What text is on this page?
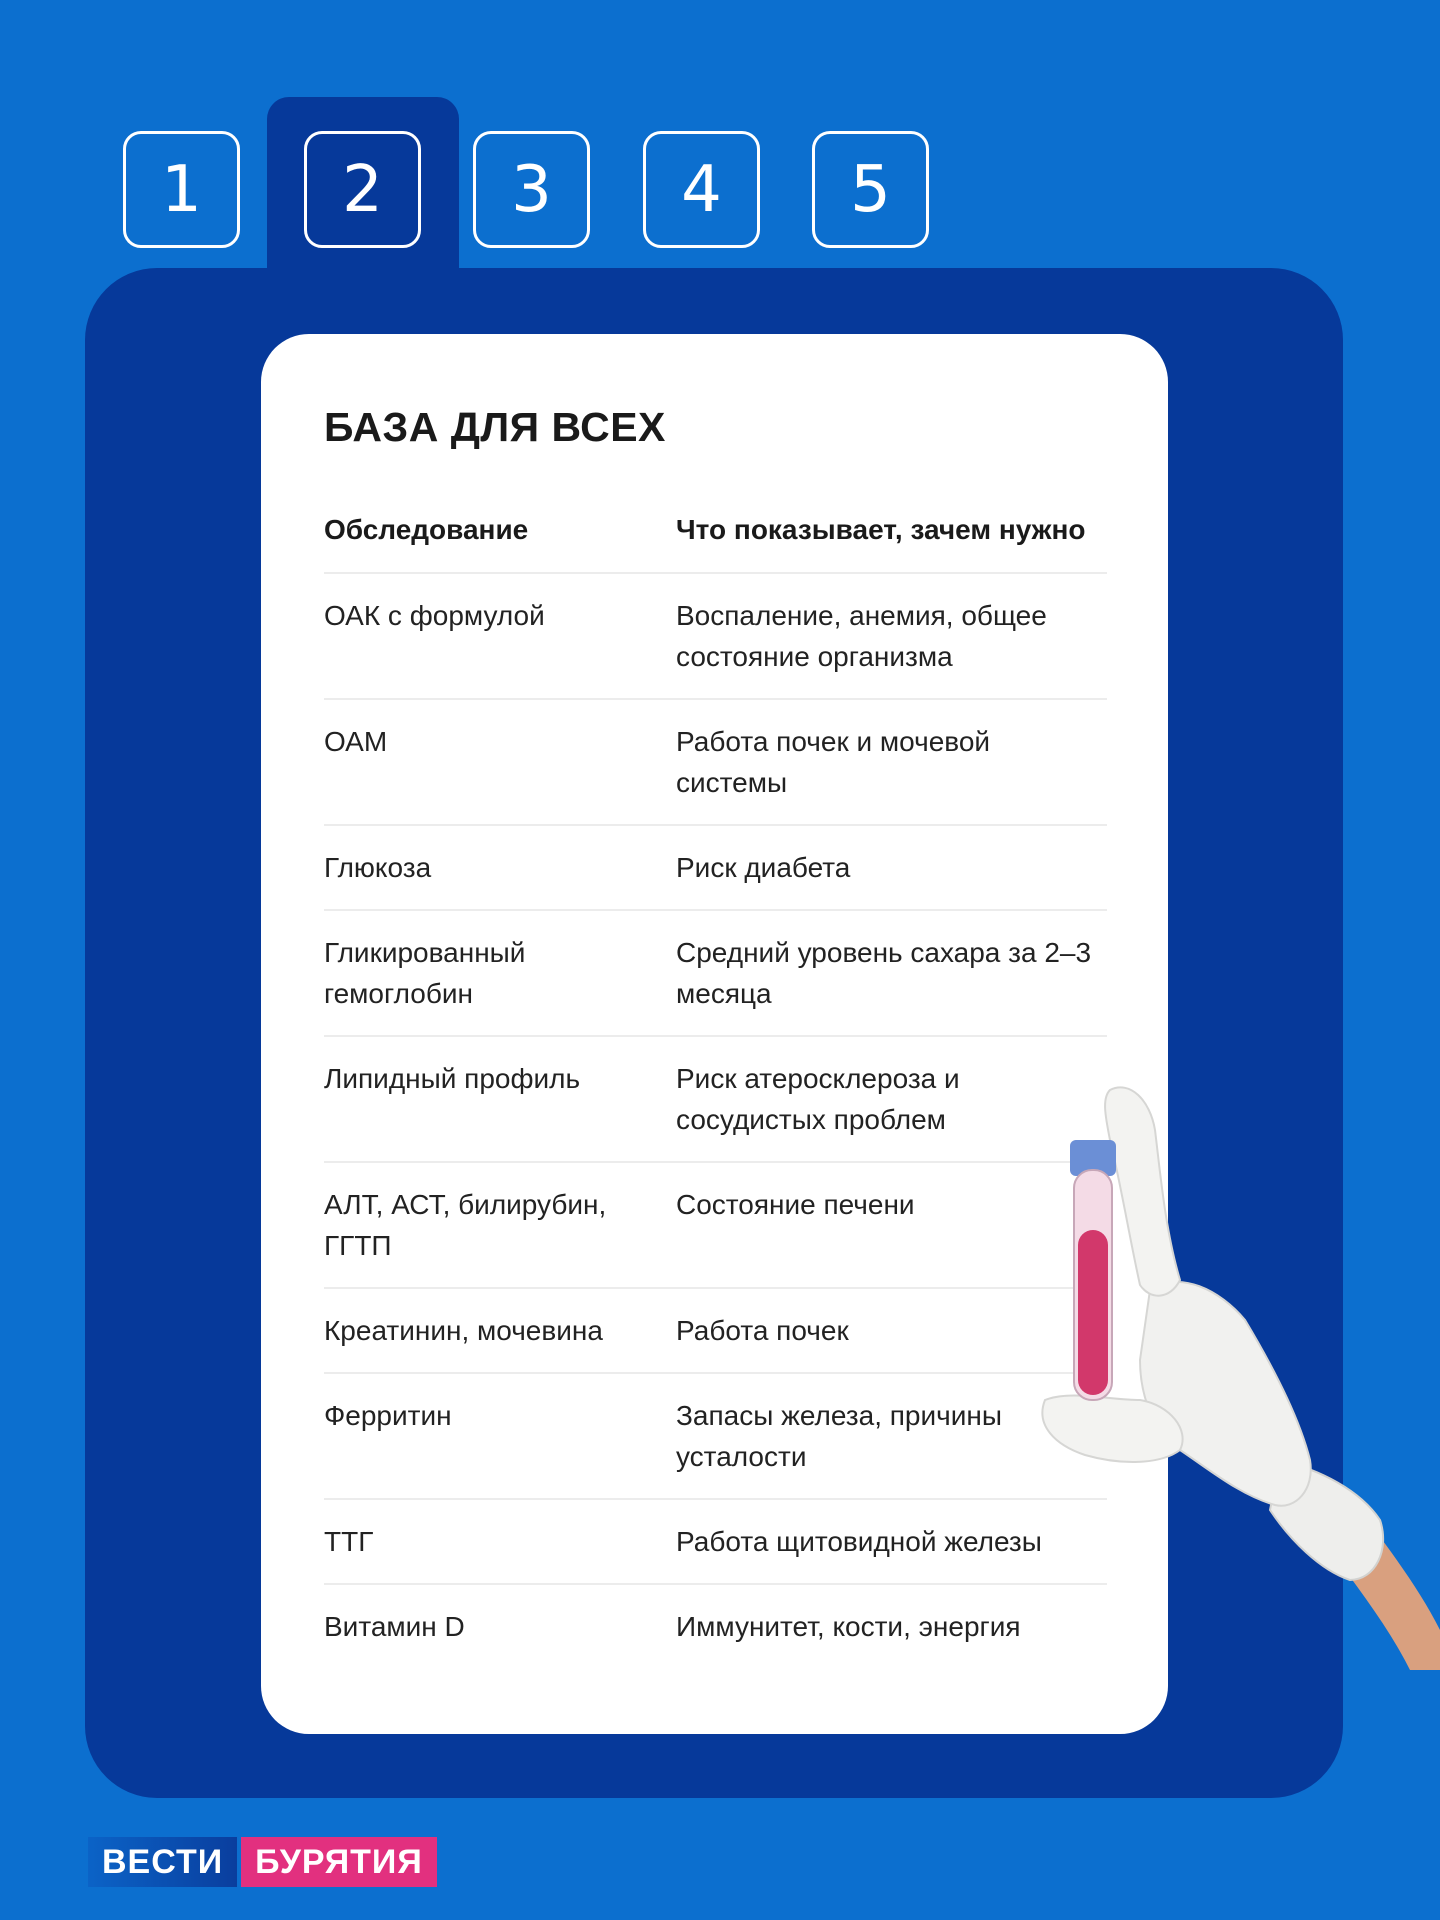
1	2	3	4	5
БАЗА ДЛЯ ВСЕХ
Обследование	Что показывает, зачем нужно
ОАК с формулой	Воспаление, анемия, общее состояние организма
ОАМ	Работа почек и мочевой системы
Глюкоза	Риск диабета
Гликированный гемоглобин	Средний уровень сахара за 2–3 месяца
Липидный профиль	Риск атеросклероза и сосудистых проблем
АЛТ, АСТ, билирубин, ГГТП	Состояние печени
Креатинин, мочевина	Работа почек
Ферритин	Запасы железа, причины усталости
ТТГ	Работа щитовидной железы
Витамин D	Иммунитет, кости, энергия
ВЕСТИ БУРЯТИЯ
